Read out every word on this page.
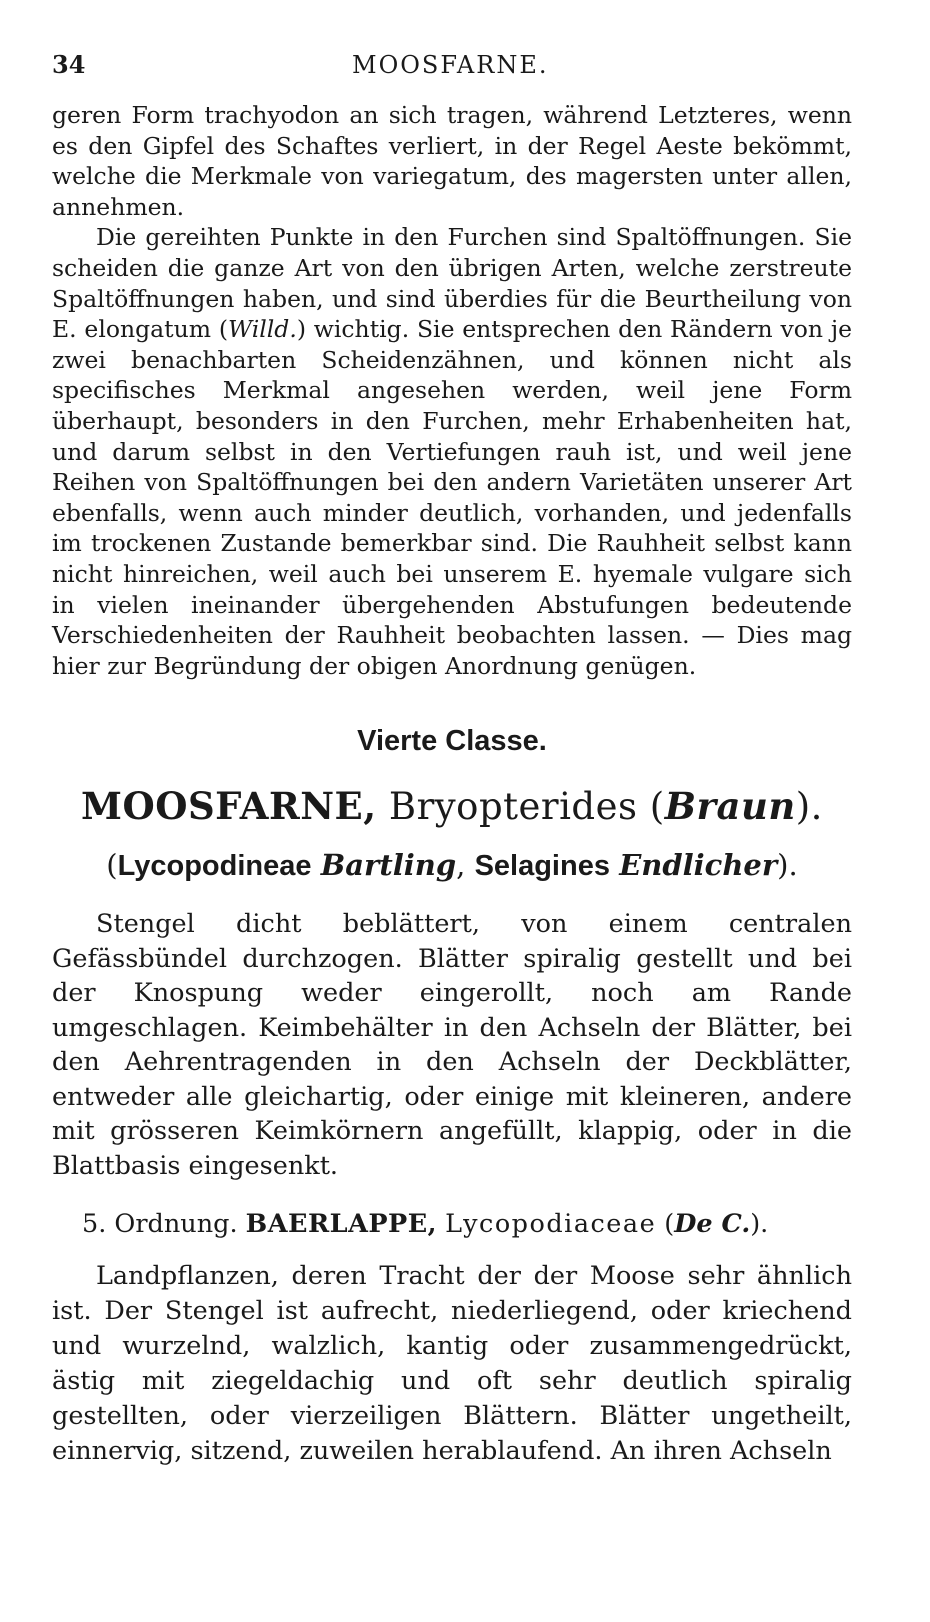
34	MOOSFARNE.

geren Form trachyodon an sich tragen, während Letzteres, wenn es den Gipfel des Schaftes verliert, in der Regel Aeste bekömmt, welche die Merkmale von variegatum, des magersten unter allen, annehmen.

Die gereihten Punkte in den Furchen sind Spaltöffnungen. Sie scheiden die ganze Art von den übrigen Arten, welche zerstreute Spaltöffnungen haben, und sind überdies für die Beurtheilung von E. elongatum (Willd.) wichtig. Sie entsprechen den Rändern von je zwei benachbarten Scheidenzähnen, und können nicht als specifisches Merkmal angesehen werden, weil jene Form überhaupt, besonders in den Furchen, mehr Erhabenheiten hat, und darum selbst in den Vertiefungen rauh ist, und weil jene Reihen von Spaltöffnungen bei den andern Varietäten unserer Art ebenfalls, wenn auch minder deutlich, vorhanden, und jedenfalls im trockenen Zustande bemerkbar sind. Die Rauhheit selbst kann nicht hinreichen, weil auch bei unserem E. hyemale vulgare sich in vielen ineinander übergehenden Abstufungen bedeutende Verschiedenheiten der Rauhheit beobachten lassen. — Dies mag hier zur Begründung der obigen Anordnung genügen.

Vierte Classe.
MOOSFARNE, Bryopterides (Braun).
(Lycopodineae Bartling, Selagines Endlicher).

Stengel dicht beblättert, von einem centralen Gefässbündel durchzogen. Blätter spiralig gestellt und bei der Knospung weder eingerollt, noch am Rande umgeschlagen. Keimbehälter in den Achseln der Blätter, bei den Aehrentragenden in den Achseln der Deckblätter, entweder alle gleichartig, oder einige mit kleineren, andere mit grösseren Keimkörnern angefüllt, klappig, oder in die Blattbasis eingesenkt.

5. Ordnung. BAERLAPPE, Lycopodiaceae (De C.).

Landpflanzen, deren Tracht der der Moose sehr ähnlich ist. Der Stengel ist aufrecht, niederliegend, oder kriechend und wurzelnd, walzlich, kantig oder zusammengedrückt, ästig mit ziegeldachig und oft sehr deutlich spiralig gestellten, oder vierzeiligen Blättern. Blätter ungetheilt, einnervig, sitzend, zuweilen herablaufend. An ihren Achseln
